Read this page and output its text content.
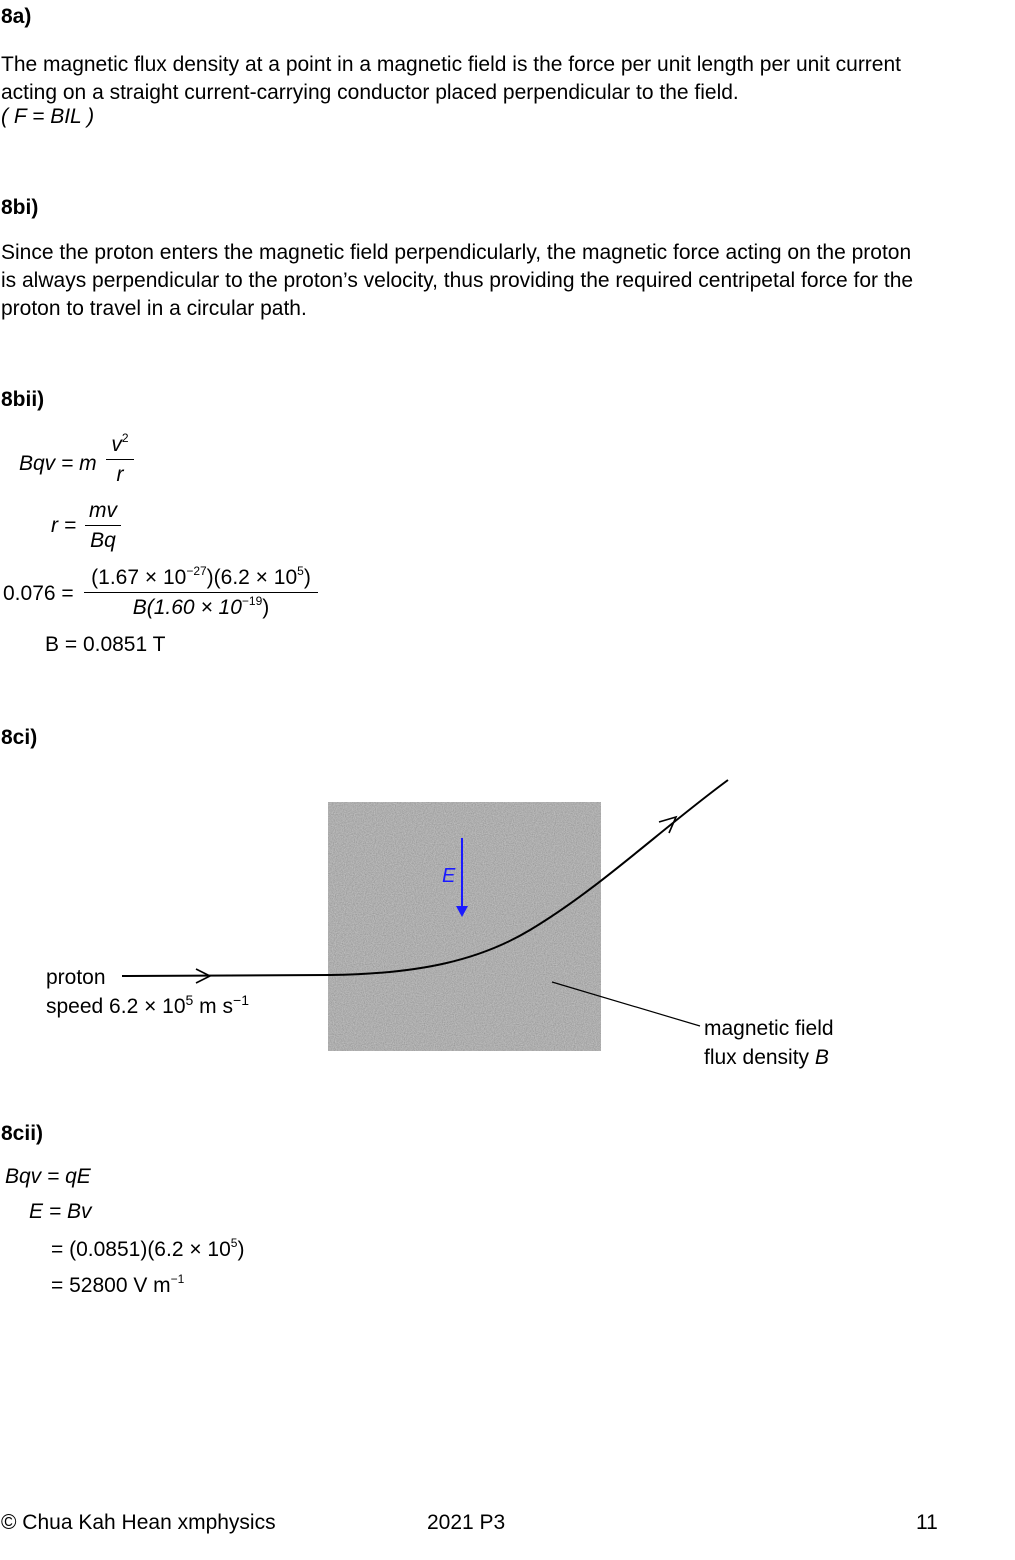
8a)
The magnetic flux density at a point in a magnetic field is the force per unit length per unit current
acting on a straight current-carrying conductor placed perpendicular to the field.
( F = BIL )
8bi)
Since the proton enters the magnetic field perpendicularly, the magnetic force acting on the proton
is always perpendicular to the proton’s velocity, thus providing the required centripetal force for the
proton to travel in a circular path.
8bii)
Bqv = m
$v^2$
r
r =
mv
Bq
0.076 =
$(1.67 \times 10^{-27})(6.2 \times 10^5)$
$B(1.60 \times 10^{-19})$
B = 0.0851 T
8ci)
E
proton
speed $6.2 \times 10^5$ m $s^{-1}$
magnetic field
flux density B
8cii)
Bqv = qE
E = Bv
= $(0.0851)(6.2 \times 10^5)$
= 52800 V $m^{-1}$
© Chua Kah Hean xmphysics	2021 P3	11
